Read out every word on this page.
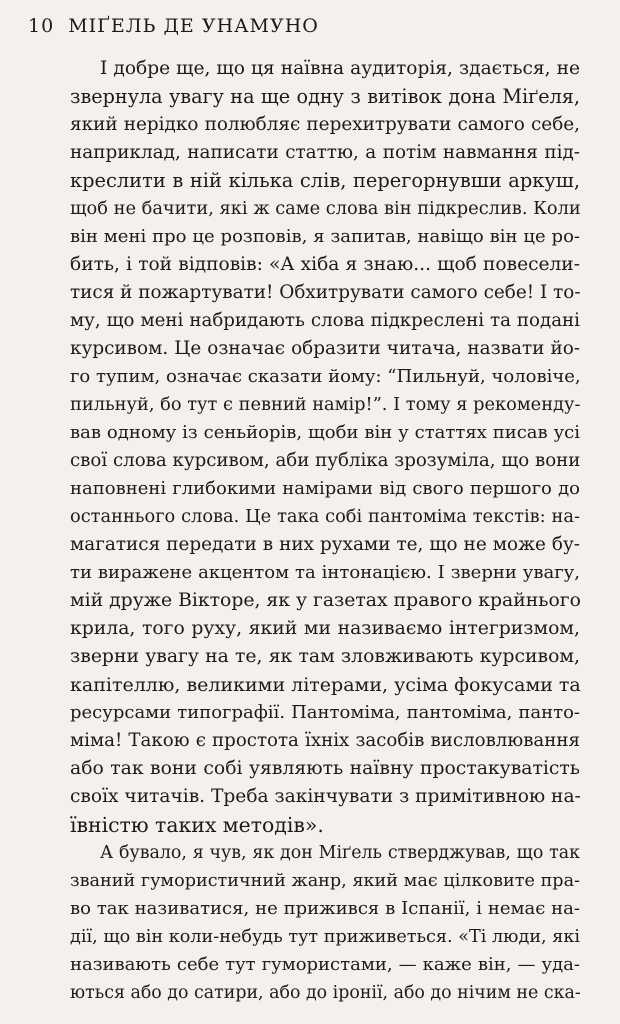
10 МІҐЕЛЬ ДЕ УНАМУНО
І добре ще, що ця наївна аудиторія, здається, не
звернула увагу на ще одну з витівок дона Міґеля,
який нерідко полюбляє перехитрувати самого себе,
наприклад, написати статтю, а потім навмання під-
креслити в ній кілька слів, перегорнувши аркуш,
щоб не бачити, які ж саме слова він підкреслив. Коли
він мені про це розповів, я запитав, навіщо він це ро-
бить, і той відповів: «А хіба я знаю... щоб повесели-
тися й пожартувати! Обхитрувати самого себе! І то-
му, що мені набридають слова підкреслені та подані
курсивом. Це означає образити читача, назвати йо-
го тупим, означає сказати йому: “Пильнуй, чоловіче,
пильнуй, бо тут є певний намір!”. І тому я рекоменду-
вав одному із сеньйорів, щоби він у статтях писав усі
свої слова курсивом, аби публіка зрозуміла, що вони
наповнені глибокими намірами від свого першого до
останнього слова. Це така собі пантоміма текстів: на-
магатися передати в них рухами те, що не може бу-
ти виражене акцентом та інтонацією. І зверни увагу,
мій друже Вікторе, як у газетах правого крайнього
крила, того руху, який ми називаємо інтегризмом,
зверни увагу на те, як там зловживають курсивом,
капітеллю, великими літерами, усіма фокусами та
ресурсами типографії. Пантоміма, пантоміма, панто-
міма! Такою є простота їхніх засобів висловлювання
або так вони собі уявляють наївну простакуватість
своїх читачів. Треба закінчувати з примітивною на-
ївністю таких методів».
А бувало, я чув, як дон Міґель стверджував, що так
званий гумористичний жанр, який має цілковите пра-
во так називатися, не прижився в Іспанії, і немає на-
дії, що він коли-небудь тут приживеться. «Ті люди, які
називають себе тут гумористами, — каже він, — уда-
ються або до сатири, або до іронії, або до нічим не ска-
